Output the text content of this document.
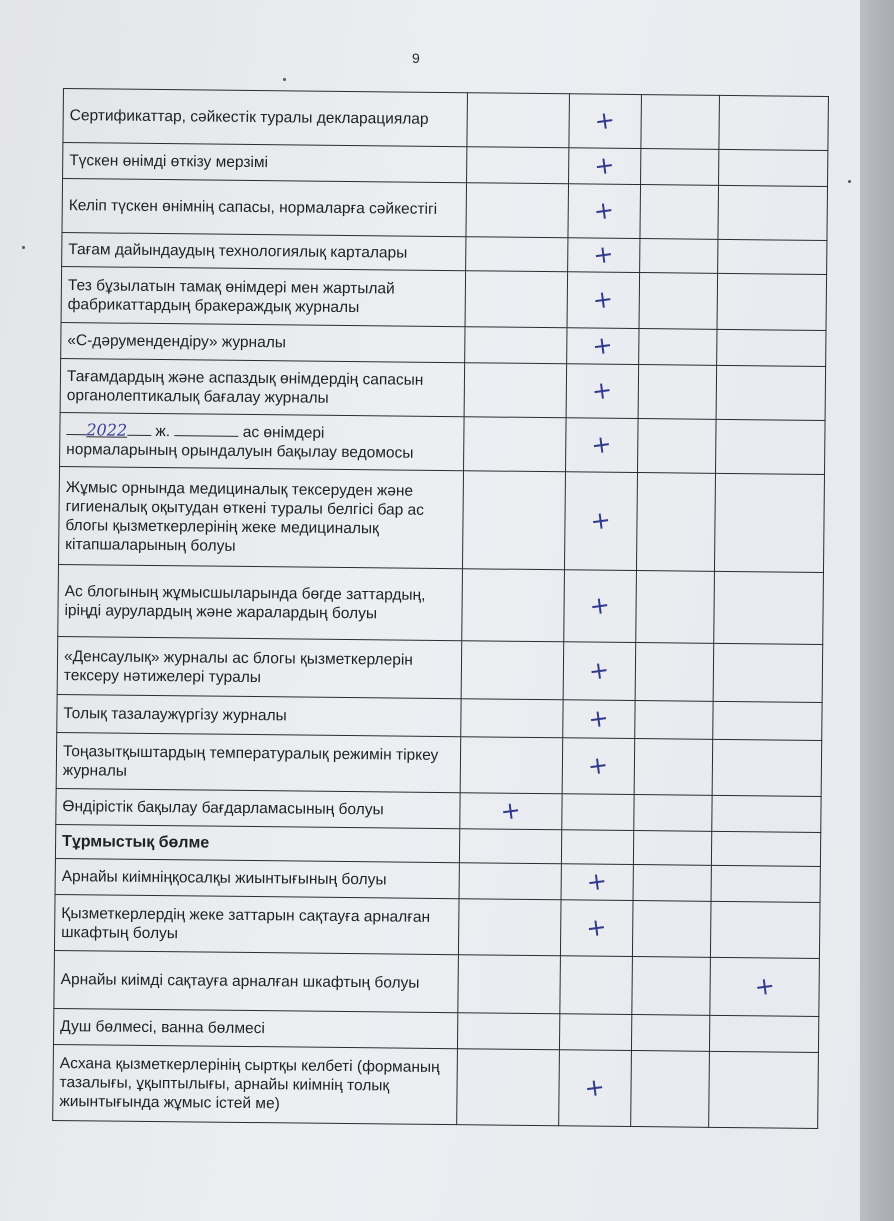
9
Сертификаттар, сәйкестік туралы декларациялар		+		
Түскен өнімді өткізу мерзімі		+		
Келіп түскен өнімнің сапасы, нормаларға сәйкестігі		+		
Тағам дайындаудың технологиялық карталары		+		
Тез бұзылатын тамақ өнімдері мен жартылай фабрикаттардың бракераждық журналы		+		
«С-дәрумендендіру» журналы		+		
Тағамдардың және аспаздық өнімдердің сапасын органолептикалық бағалау журналы		+		
2022 ж. ас өнімдері
нормаларының орындалуын бақылау ведомосы		+		
Жұмыс орнында медициналық тексеруден және гигиеналық оқытудан өткені туралы белгісі бар ас блогы қызметкерлерінің жеке медициналық кітапшаларының болуы		+		
Ас блогының жұмысшыларында бөгде заттардың, іріңді аурулардың және жаралардың болуы		+		
«Денсаулық» журналы ас блогы қызметкерлерін тексеру нәтижелері туралы		+		
Толық тазалаужүргізу журналы		+		
Тоңазытқыштардың температуралық режимін тіркеу журналы		+		
Өндірістік бақылау бағдарламасының болуы	+			
Тұрмыстық бөлме				
Арнайы киімніңқосалқы жиынтығының болуы		+		
Қызметкерлердің жеке заттарын сақтауға арналған шкафтың болуы		+		
Арнайы киімді сақтауға арналған шкафтың болуы				+
Душ бөлмесі, ванна бөлмесі				
Асхана қызметкерлерінің сыртқы келбеті (форманың тазалығы, ұқыптылығы, арнайы киімнің толық жиынтығында жұмыс істей ме)		+		
